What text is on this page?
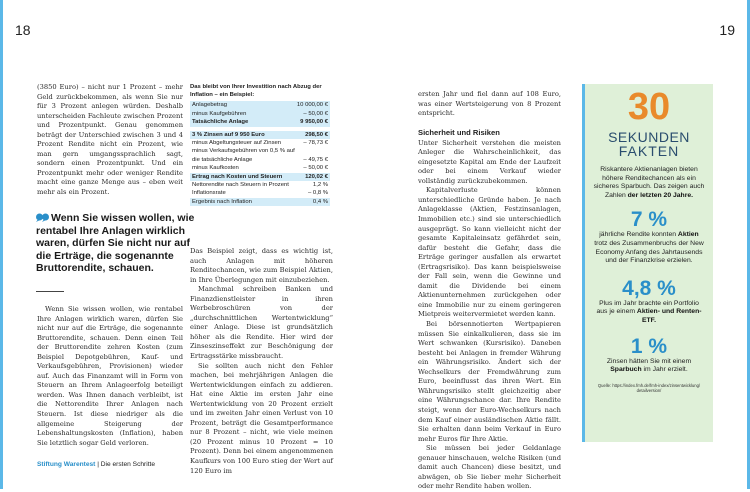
18	19

(3850 Euro) – nicht nur 1 Prozent – mehr Geld zurückbekommen, als wenn Sie nur für 3 Prozent anlegen würden. Deshalb unterscheiden Fachleute zwischen Prozent und Prozentpunkt. Genau genommen beträgt der Unterschied zwischen 3 und 4 Prozent Rendite nicht ein Prozent, wie man gern umgangssprachlich sagt, sondern einen Prozentpunkt. Und ein Prozentpunkt mehr oder weniger Rendite macht eine ganze Menge aus – eben weit mehr als ein Prozent.

Wenn Sie wissen wollen, wie rentabel Ihre Anlagen wirklich waren, dürfen Sie nicht nur auf die Erträge, die sogenannte Bruttorendite, schauen.

Wenn Sie wissen wollen, wie rentabel Ihre Anlagen wirklich waren, dürfen Sie nicht nur auf die Erträge, die sogenannte Bruttorendite, schauen. Denn einen Teil der Bruttorendite zehren Kosten (zum Beispiel Depotgebühren, Kauf- und Verkaufsgebühren, Provisionen) wieder auf. Auch das Finanzamt will in Form von Steuern an Ihrem Anlageerfolg beteiligt werden. Was Ihnen danach verbleibt, ist die Nettorendite Ihrer Anlagen nach Steuern. Ist diese niedriger als die allgemeine Steigerung der Lebenshaltungskosten (Inflation), haben Sie letztlich sogar Geld verloren.

Das bleibt von Ihrer Investition nach Abzug der Inflation – ein Beispiel:
Anlagebetrag	10 000,00 €
minus Kaufgebühren	– 50,00 €
Tatsächliche Anlage	9 950,00 €
3 % Zinsen auf 9 950 Euro	298,50 €
minus Abgeltungsteuer auf Zinsen	– 78,73 €
minus Verkaufsgebühren von 0,5 % auf
die tatsächliche Anlage	– 49,75 €
minus Kaufkosten	– 50,00 €
Ertrag nach Kosten und Steuern	120,02 €
Nettorendite nach Steuern in Prozent	1,2 %
Inflationsrate	– 0,8 %
Ergebnis nach Inflation	0,4 %

Das Beispiel zeigt, dass es wichtig ist, auch Anlagen mit höheren Renditechancen, wie zum Beispiel Aktien, in Ihre Überlegungen mit einzubeziehen.

Manchmal schreiben Banken und Finanzdienstleister in ihren Werbebroschüren von der „durchschnittlichen Wertentwicklung“ einer Anlage. Diese ist grundsätzlich höher als die Rendite. Hier wird der Zinseszinseffekt zur Beschönigung der Ertragsstärke missbraucht.

Sie sollten auch nicht den Fehler machen, bei mehrjährigen Anlagen die Wertentwicklungen einfach zu addieren. Hat eine Aktie im ersten Jahr eine Wertentwicklung von 20 Prozent erzielt und im zweiten Jahr einen Verlust von 10 Prozent, beträgt die Gesamtperformance nur 8 Prozent – nicht, wie viele meinen (20 Prozent minus 10 Prozent = 10 Prozent). Denn bei einem angenommenen Kaufkurs von 100 Euro stieg der Wert auf 120 Euro im

ersten Jahr und fiel dann auf 108 Euro, was einer Wertsteigerung von 8 Prozent entspricht.

Sicherheit und Risiken

Unter Sicherheit verstehen die meisten Anleger die Wahrscheinlichkeit, das eingesetzte Kapital am Ende der Laufzeit oder bei einem Verkauf wieder vollständig zurückzubekommen.

Kapitalverluste können unterschiedliche Gründe haben. Je nach Anlageklasse (Aktien, Festzinsanlagen, Immobilien etc.) sind sie unterschiedlich ausgeprägt. So kann vielleicht nicht der gesamte Kapitaleinsatz gefährdet sein, dafür besteht die Gefahr, dass die Erträge geringer ausfallen als erwartet (Ertragsrisiko). Das kann beispielsweise der Fall sein, wenn die Gewinne und damit die Dividende bei einem Aktienunternehmen zurückgehen oder eine Immobilie nur zu einem geringeren Mietpreis weitervermietet werden kann.

Bei börsennotierten Wertpapieren müssen Sie einkalkulieren, dass sie im Wert schwanken (Kursrisiko). Daneben besteht bei Anlagen in fremder Währung ein Währungsrisiko. Ändert sich der Wechselkurs der Fremdwährung zum Euro, beeinflusst das ihren Wert. Ein Währungsrisiko stellt gleichzeitig aber eine Währungschance dar. Ihre Rendite steigt, wenn der Euro-Wechselkurs nach dem Kauf einer ausländischen Aktie fällt. Sie erhalten dann beim Verkauf in Euro mehr Euros für Ihre Aktie.

Sie müssen bei jeder Geldanlage genauer hinschauen, welche Risiken (und damit auch Chancen) diese besitzt, und abwägen, ob Sie lieber mehr Sicherheit oder mehr Rendite haben wollen.

30
SEKUNDEN
FAKTEN
Riskantere Aktienanlagen bieten höhere Renditechancen als ein sicheres Sparbuch. Das zeigen auch Zahlen der letzten 20 Jahre.
7 %
jährliche Rendite konnten Aktien trotz des Zusammenbruchs der New Economy Anfang des Jahrtausends und der Finanzkrise erzielen.
4,8 %
Plus im Jahr brachte ein Portfolio aus je einem Aktien- und Renten-ETF.
1 %
Zinsen hätten Sie mit einem Sparbuch im Jahr erzielt.
Quelle: https://index.fmh.de/fmh-index/zinsentwicklung/ detailversion/
Stiftung Warentest | Die ersten Schritte
